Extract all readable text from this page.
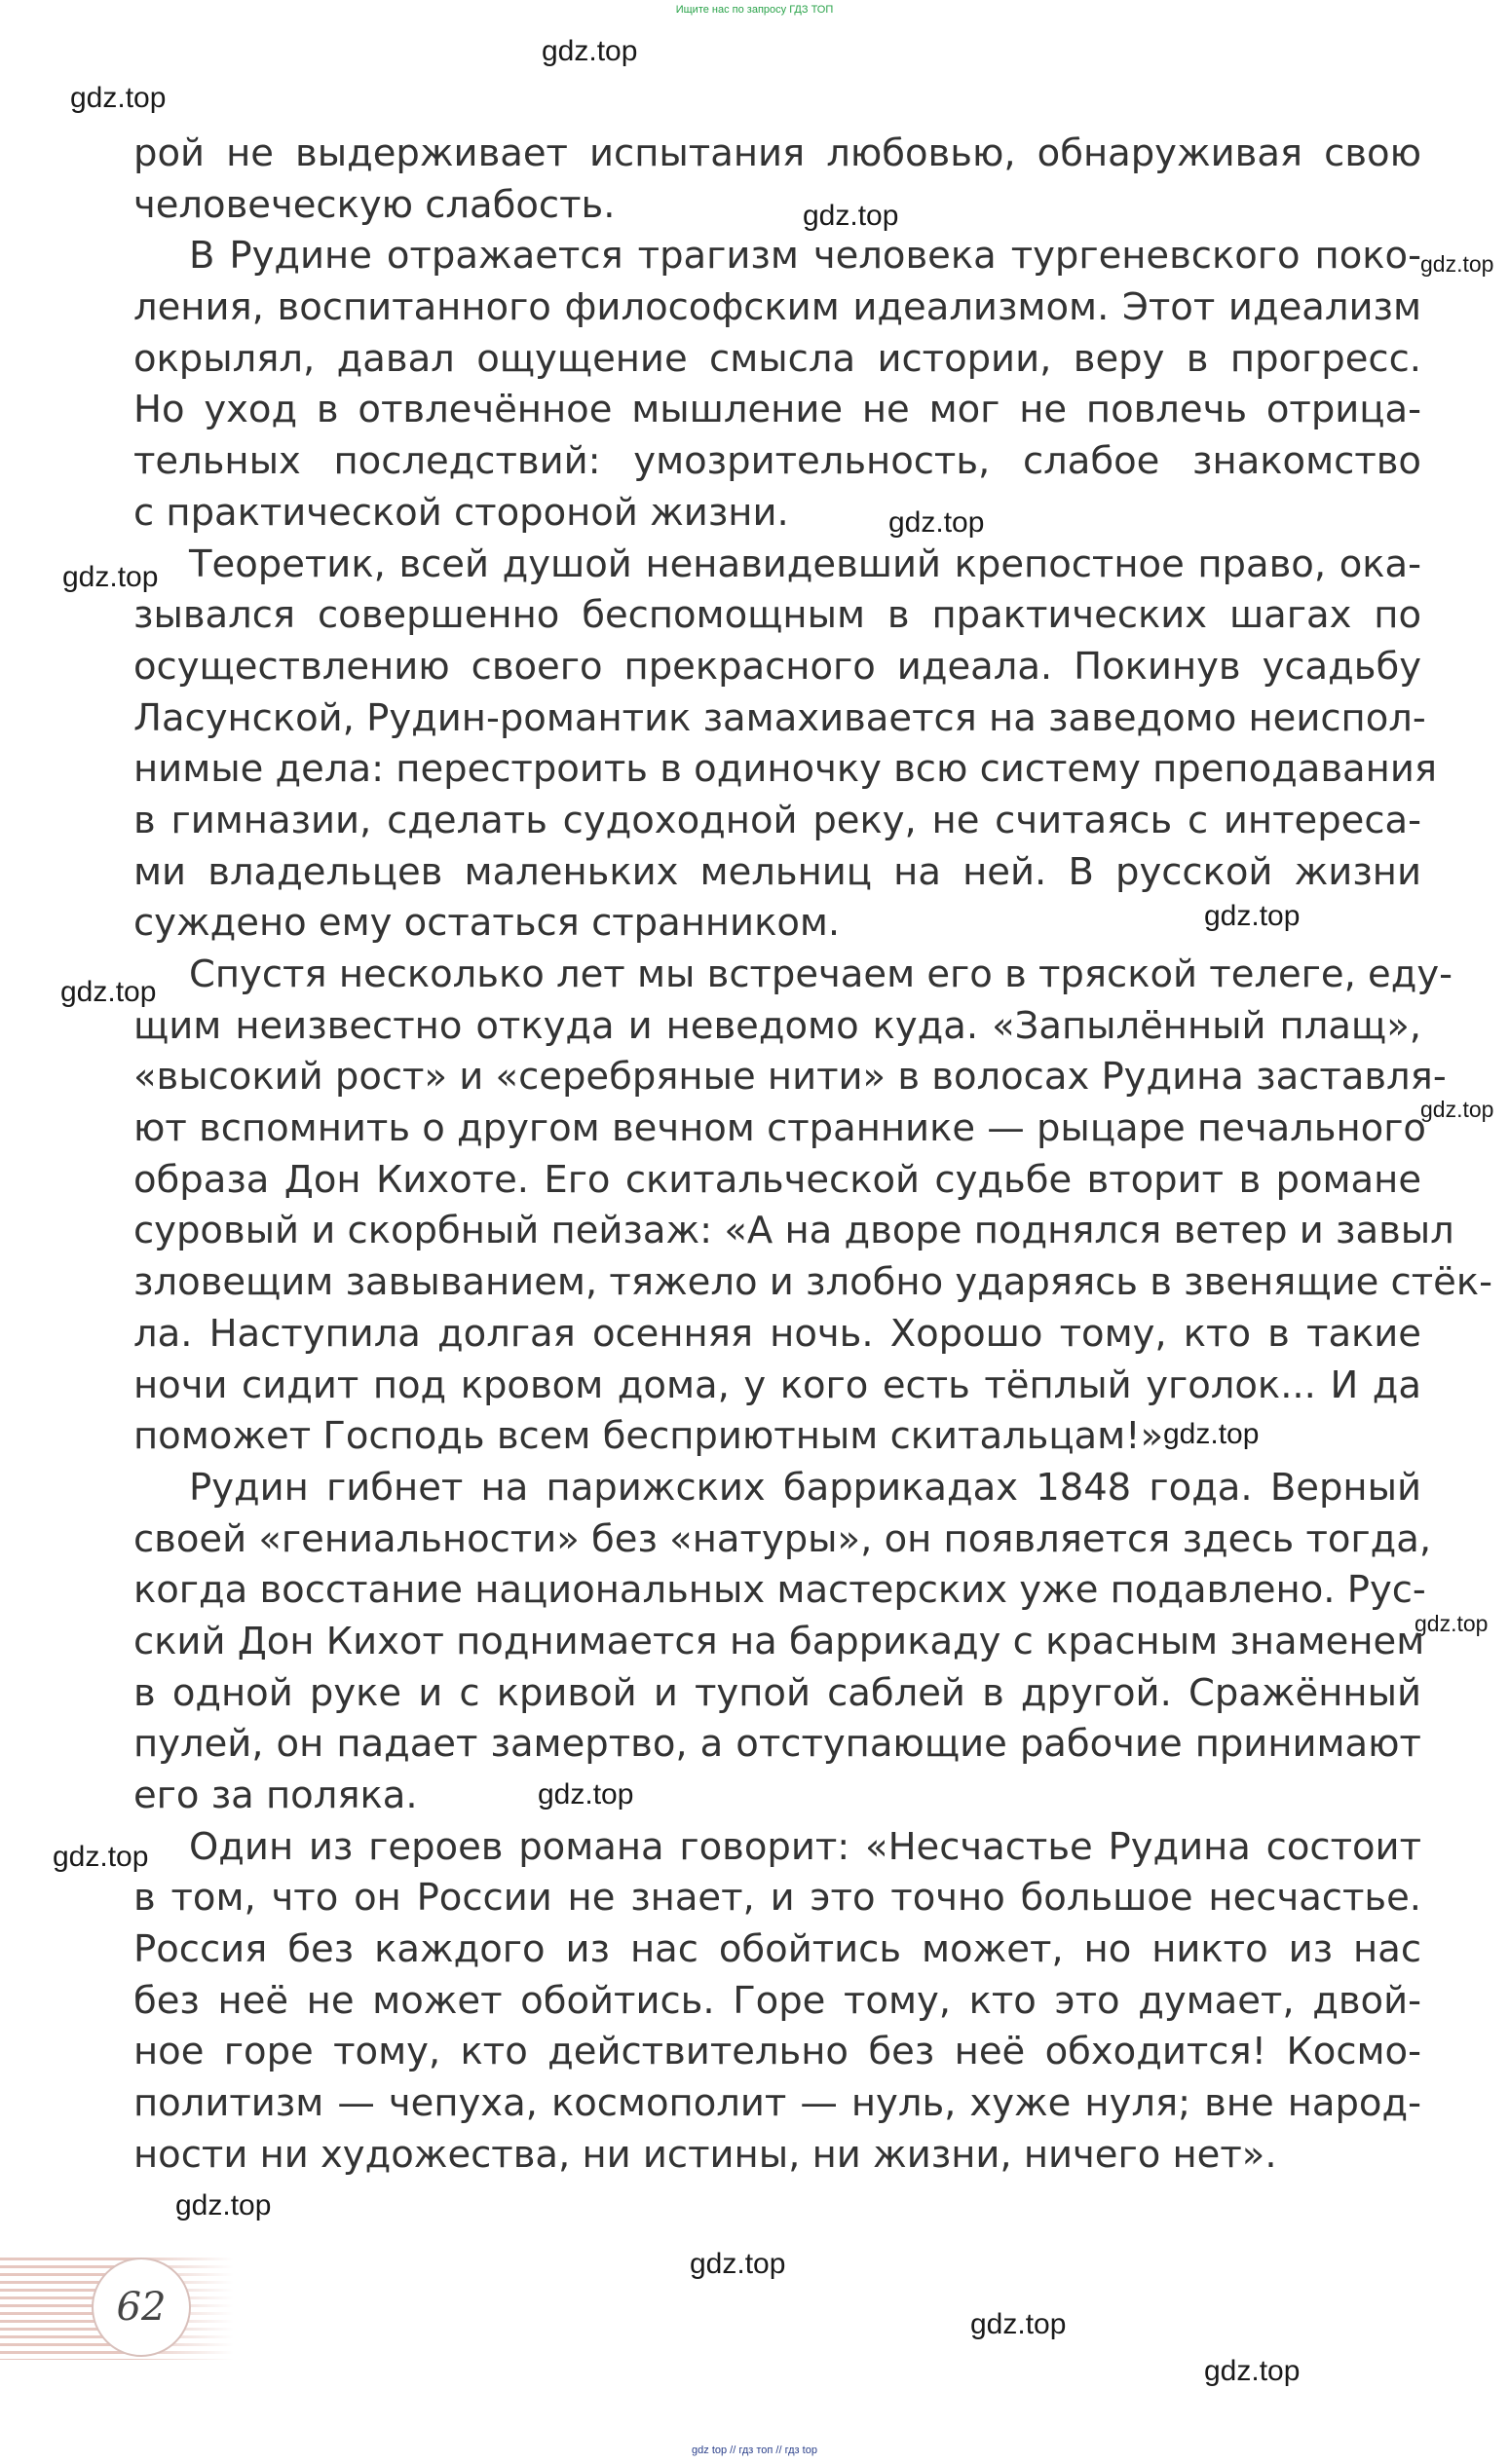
Ищите нас по запросу ГДЗ ТОП
gdz.top
gdz.top
gdz.top
gdz.top
gdz.top
gdz.top
gdz.top
gdz.top
gdz.top
gdz.top
gdz.top
gdz.top
gdz.top
gdz.top
gdz.top
gdz.top
gdz.top
рой не выдерживает испытания любовью, обнаруживая свою
человеческую слабость.
В Рудине отражается трагизм человека тургеневского поко-
ления, воспитанного философским идеализмом. Этот идеализм
окрылял, давал ощущение смысла истории, веру в прогресс.
Но уход в отвлечённое мышление не мог не повлечь отрица-
тельных последствий: умозрительность, слабое знакомство
с практической стороной жизни.
Теоретик, всей душой ненавидевший крепостное право, ока-
зывался совершенно беспомощным в практических шагах по
осуществлению своего прекрасного идеала. Покинув усадьбу
Ласунской, Рудин-романтик замахивается на заведомо неиспол-
нимые дела: перестроить в одиночку всю систему преподавания
в гимназии, сделать судоходной реку, не считаясь с интереса-
ми владельцев маленьких мельниц на ней. В русской жизни
суждено ему остаться странником.
Спустя несколько лет мы встречаем его в тряской телеге, еду-
щим неизвестно откуда и неведомо куда. «Запылённый плащ»,
«высокий рост» и «серебряные нити» в волосах Рудина заставля-
ют вспомнить о другом вечном страннике — рыцаре печального
образа Дон Кихоте. Его скитальческой судьбе вторит в романе
суровый и скорбный пейзаж: «А на дворе поднялся ветер и завыл
зловещим завыванием, тяжело и злобно ударяясь в звенящие стёк-
ла. Наступила долгая осенняя ночь. Хорошо тому, кто в такие
ночи сидит под кровом дома, у кого есть тёплый уголок... И да
поможет Господь всем бесприютным скитальцам!»
Рудин гибнет на парижских баррикадах 1848 года. Верный
своей «гениальности» без «натуры», он появляется здесь тогда,
когда восстание национальных мастерских уже подавлено. Рус-
ский Дон Кихот поднимается на баррикаду с красным знаменем
в одной руке и с кривой и тупой саблей в другой. Сражённый
пулей, он падает замертво, а отступающие рабочие принимают
его за поляка.
Один из героев романа говорит: «Несчастье Рудина состоит
в том, что он России не знает, и это точно большое несчастье.
Россия без каждого из нас обойтись может, но никто из нас
без неё не может обойтись. Горе тому, кто это думает, двой-
ное горе тому, кто действительно без неё обходится! Космо-
политизм — чепуха, космополит — нуль, хуже нуля; вне народ-
ности ни художества, ни истины, ни жизни, ничего нет».
62
gdz top // гдз топ // гдз top
